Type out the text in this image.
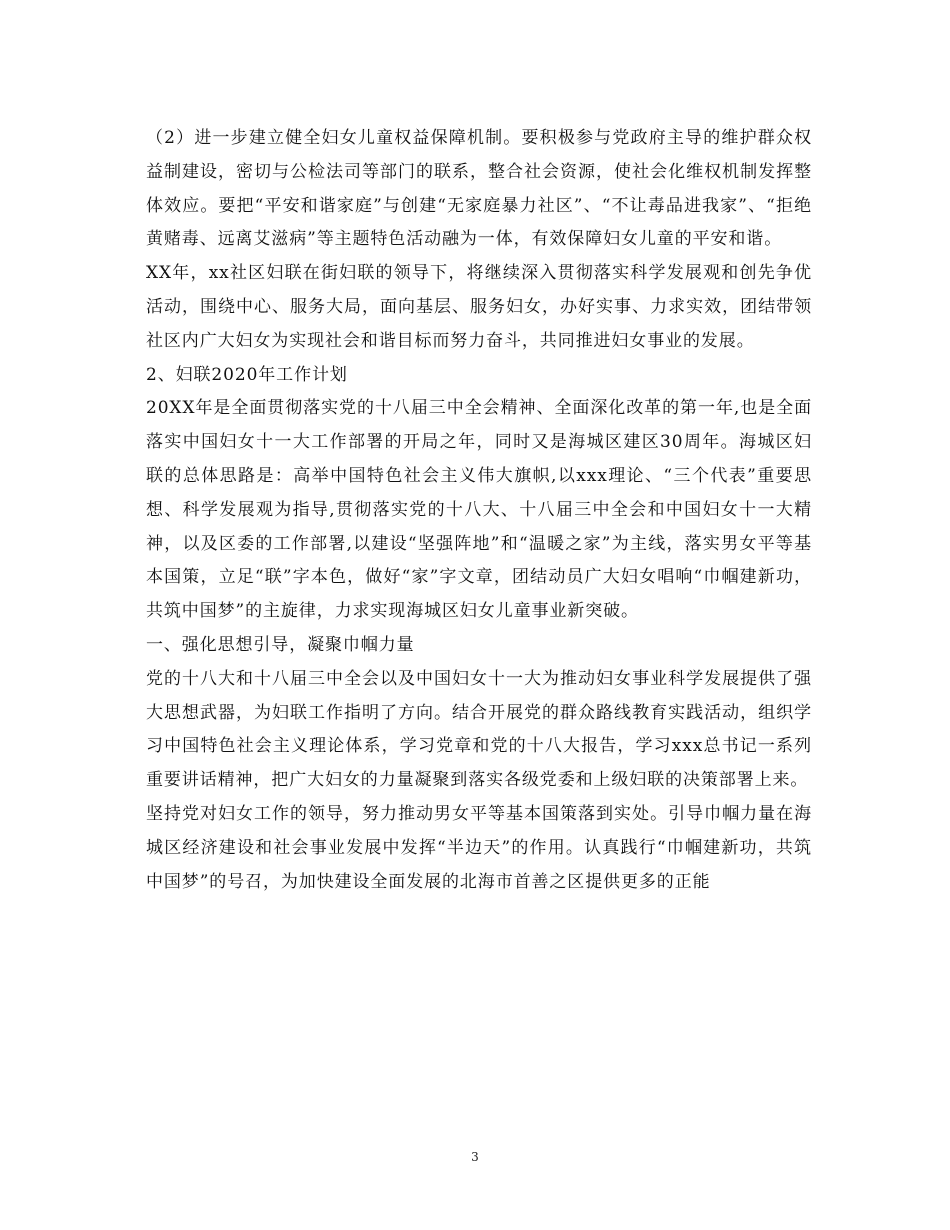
（2）进一步建立健全妇女儿童权益保障机制。要积极参与党政府主导的维护群众权益制建设，密切与公检法司等部门的联系，整合社会资源，使社会化维权机制发挥整体效应。要把“平安和谐家庭”与创建“无家庭暴力社区”、“不让毒品进我家”、“拒绝黄赌毒、远离艾滋病”等主题特色活动融为一体，有效保障妇女儿童的平安和谐。

XX年，xx社区妇联在街妇联的领导下，将继续深入贯彻落实科学发展观和创先争优活动，围绕中心、服务大局，面向基层、服务妇女，办好实事、力求实效，团结带领社区内广大妇女为实现社会和谐目标而努力奋斗，共同推进妇女事业的发展。

2、妇联2020年工作计划

20XX年是全面贯彻落实党的十八届三中全会精神、全面深化改革的第一年,也是全面落实中国妇女十一大工作部署的开局之年，同时又是海城区建区30周年。海城区妇联的总体思路是：高举中国特色社会主义伟大旗帜,以xxx理论、“三个代表”重要思想、科学发展观为指导,贯彻落实党的十八大、十八届三中全会和中国妇女十一大精神，以及区委的工作部署,以建设“坚强阵地”和“温暖之家”为主线，落实男女平等基本国策，立足“联”字本色，做好“家”字文章，团结动员广大妇女唱响“巾帼建新功，共筑中国梦”的主旋律，力求实现海城区妇女儿童事业新突破。

一、强化思想引导，凝聚巾帼力量

党的十八大和十八届三中全会以及中国妇女十一大为推动妇女事业科学发展提供了强大思想武器，为妇联工作指明了方向。结合开展党的群众路线教育实践活动，组织学习中国特色社会主义理论体系，学习党章和党的十八大报告，学习xxx总书记一系列重要讲话精神，把广大妇女的力量凝聚到落实各级党委和上级妇联的决策部署上来。

坚持党对妇女工作的领导，努力推动男女平等基本国策落到实处。引导巾帼力量在海城区经济建设和社会事业发展中发挥“半边天”的作用。认真践行“巾帼建新功，共筑中国梦”的号召，为加快建设全面发展的北海市首善之区提供更多的正能

3
